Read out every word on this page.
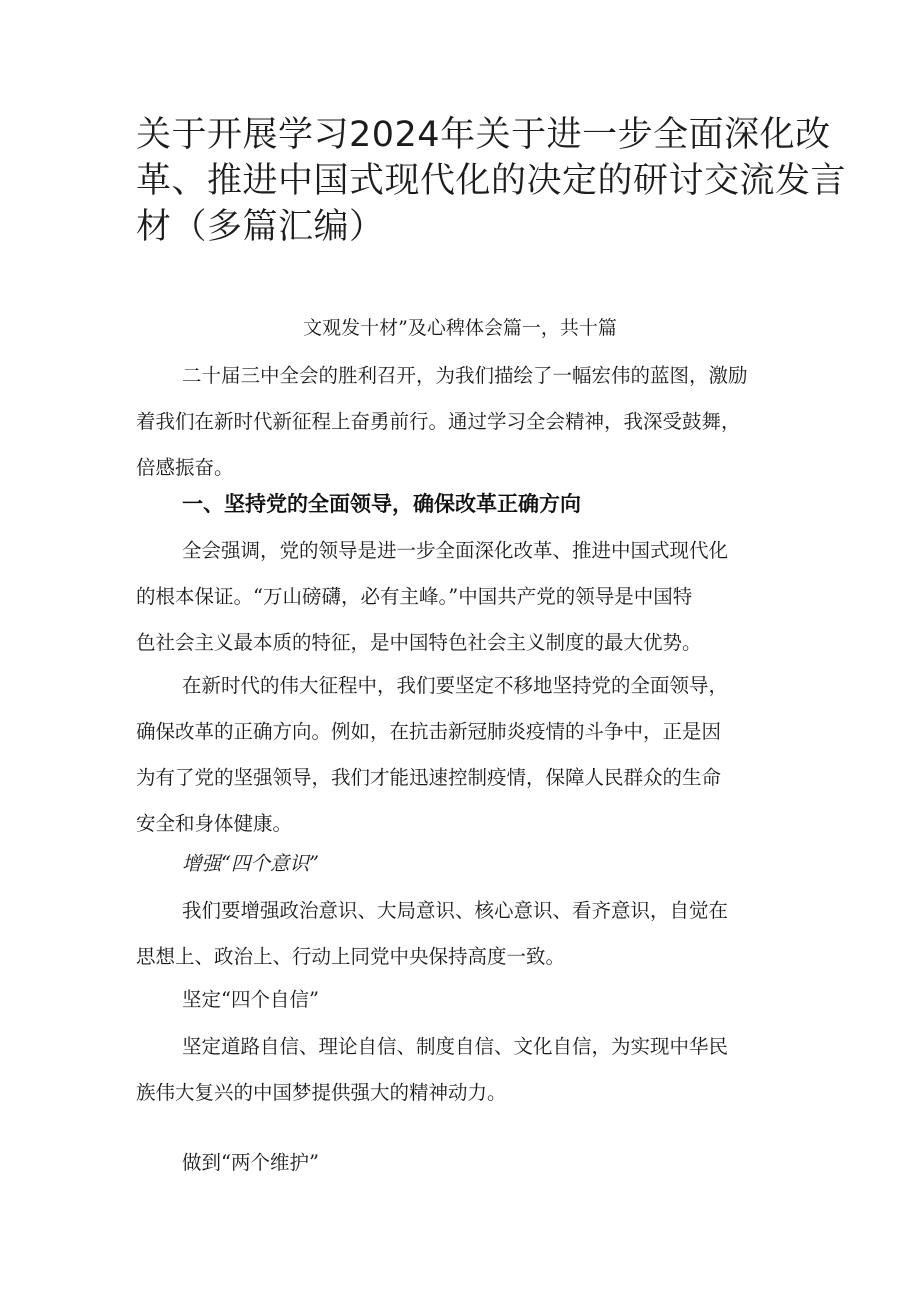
关于开展学习2024年关于进一步全面深化改
革、推进中国式现代化的决定的研讨交流发言
材（多篇汇编）
文观发十材”及心稗体会篇一，共十篇

二十届三中全会的胜利召开，为我们描绘了一幅宏伟的蓝图，激励
着我们在新时代新征程上奋勇前行。通过学习全会精神，我深受鼓舞，
倍感振奋。

一、坚持党的全面领导，确保改革正确方向

全会强调，党的领导是进一步全面深化改革、推进中国式现代化
的根本保证。“万山磅礴，必有主峰。”中国共产党的领导是中国特
色社会主义最本质的特征，是中国特色社会主义制度的最大优势。

在新时代的伟大征程中，我们要坚定不移地坚持党的全面领导，
确保改革的正确方向。例如，在抗击新冠肺炎疫情的斗争中，正是因
为有了党的坚强领导，我们才能迅速控制疫情，保障人民群众的生命
安全和身体健康。

增强“四个意识”

我们要增强政治意识、大局意识、核心意识、看齐意识，自觉在
思想上、政治上、行动上同党中央保持高度一致。

坚定“四个自信”

坚定道路自信、理论自信、制度自信、文化自信，为实现中华民
族伟大复兴的中国梦提供强大的精神动力。

做到“两个维护”
